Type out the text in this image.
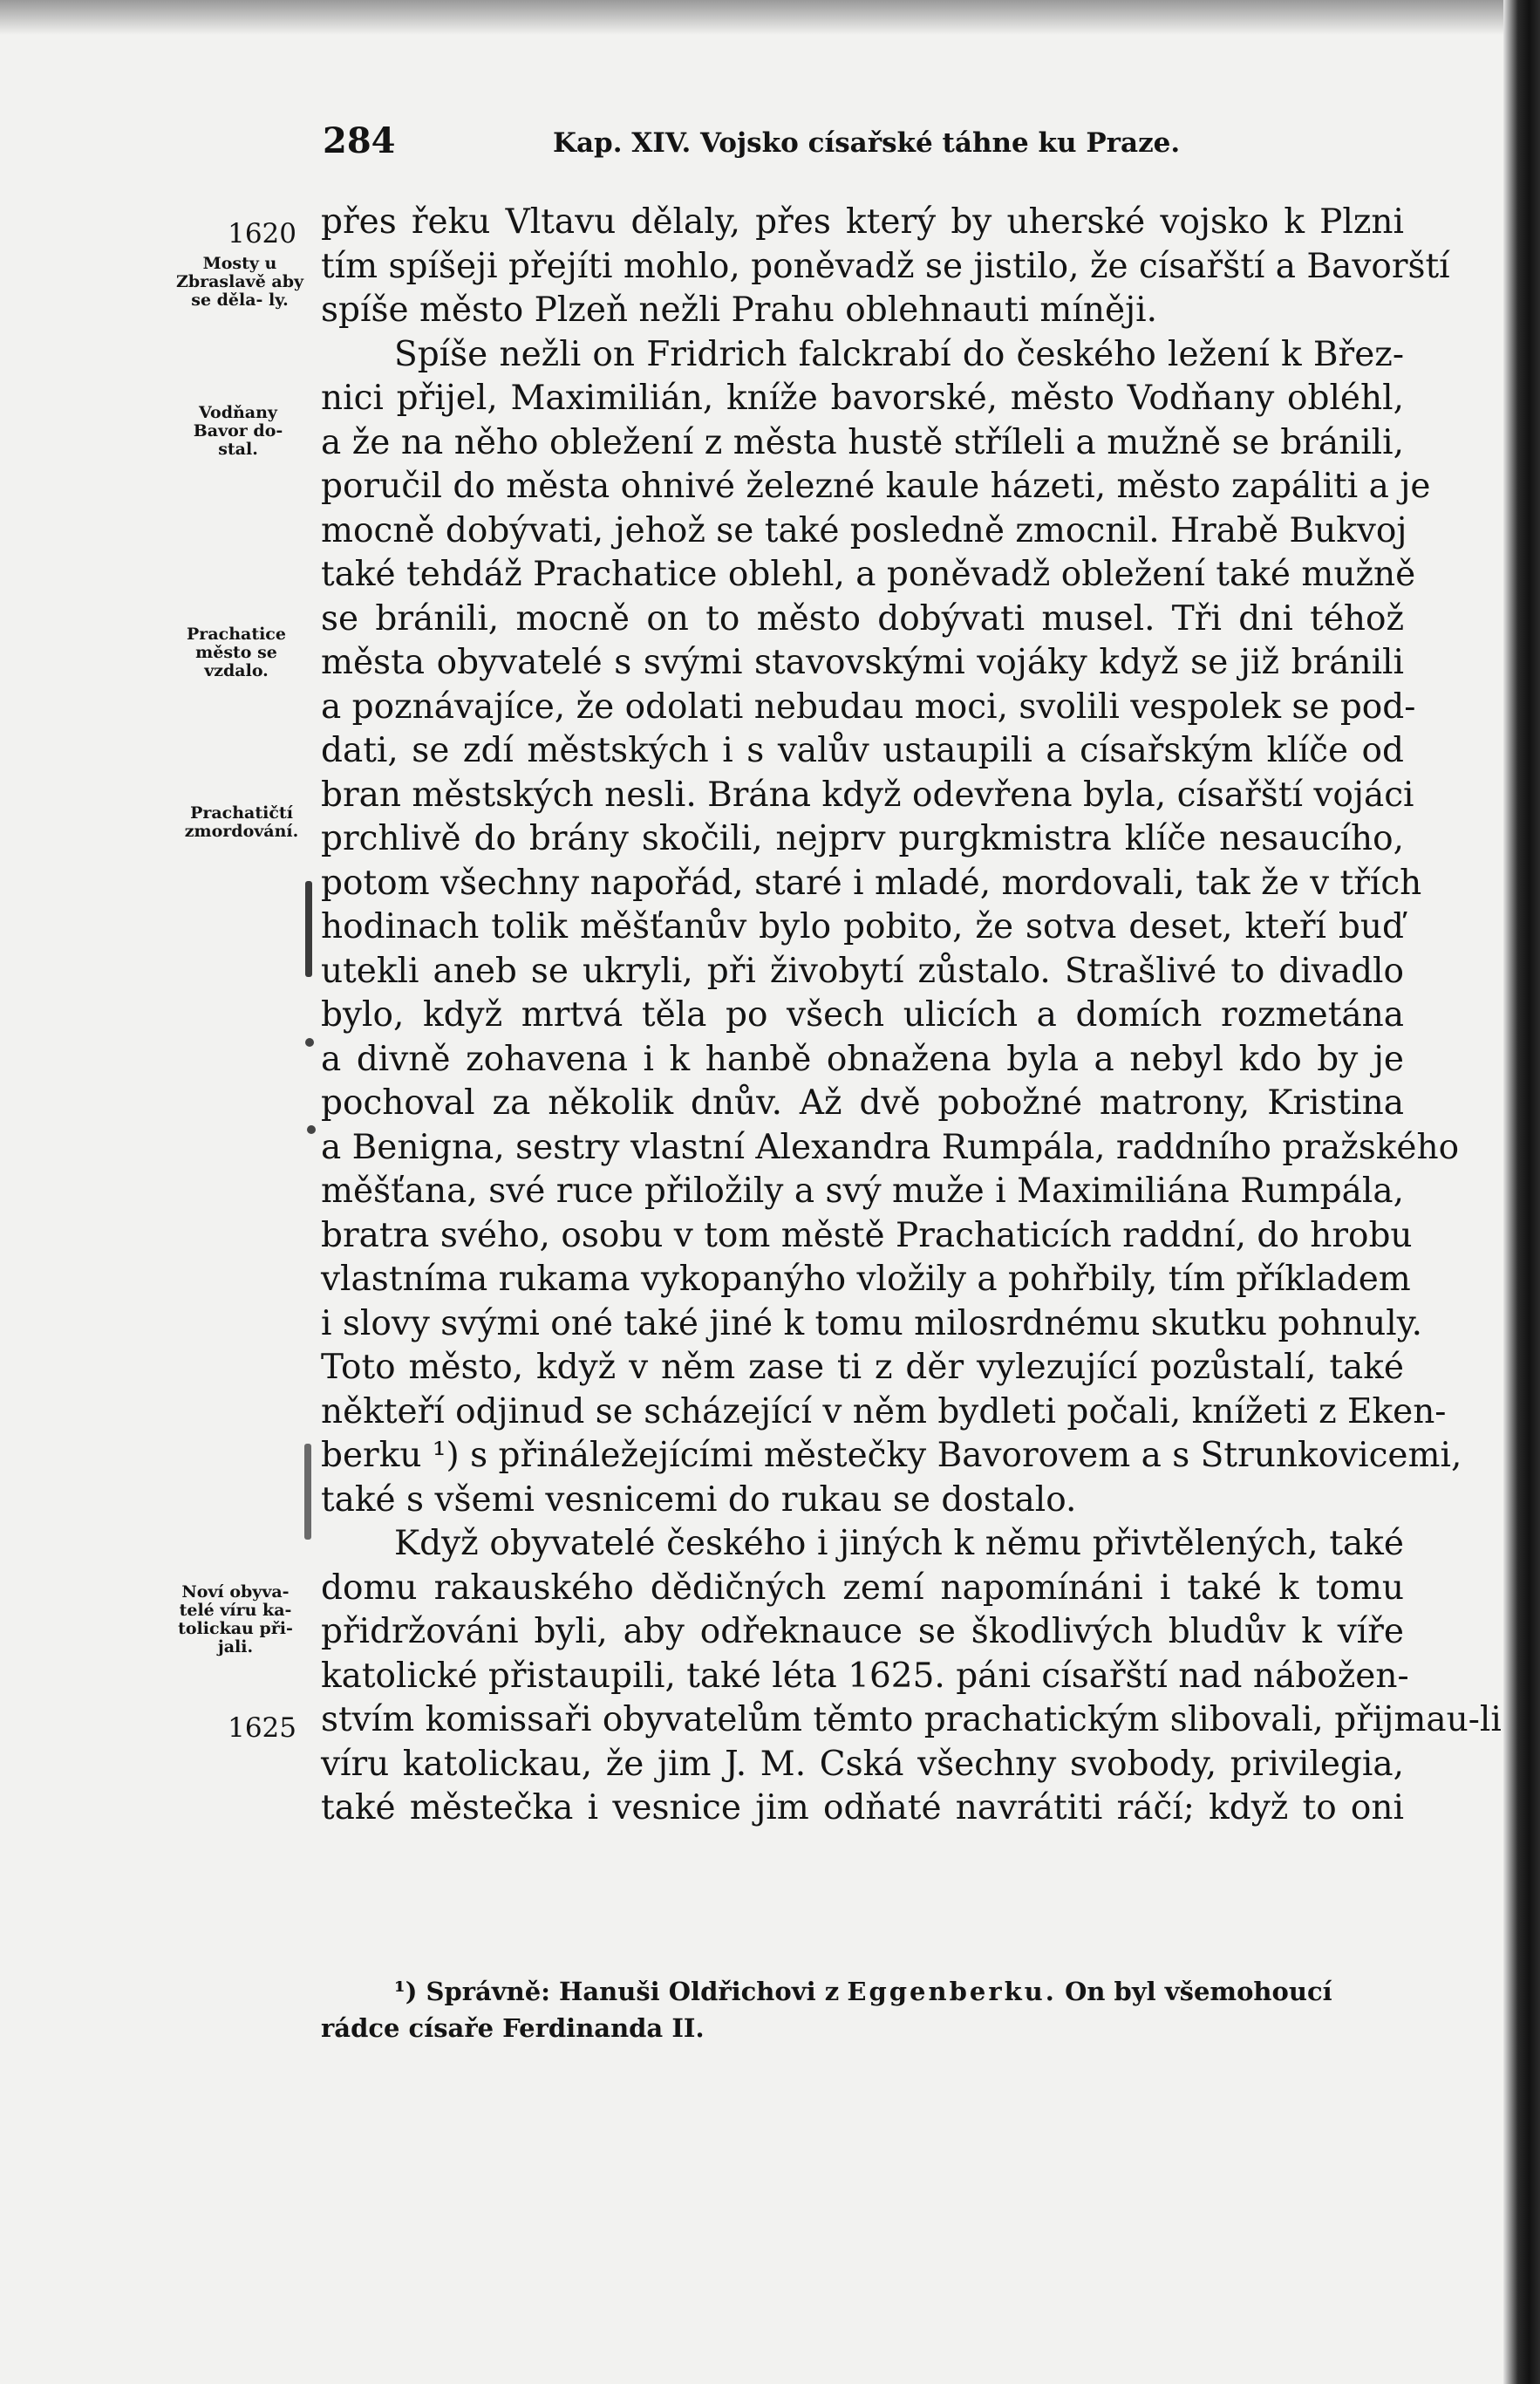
284	Kap. XIV. Vojsko císařské táhne ku Praze.
1620
Mosty u Zbraslavě aby se děla- ly.
Vodňany Bavor do- stal.
Prachatice město se vzdalo.
Prachatičtí zmordování.
Noví obyva- telé víru ka- tolickau při- jali.
1625
přes řeku Vltavu dělaly, přes který by uherské vojsko k Plzni
tím spíšeji přejíti mohlo, poněvadž se jistilo, že císařští a Bavorští
spíše město Plzeň nežli Prahu oblehnauti míněji.
Spíše nežli on Fridrich falckrabí do českého ležení k Břez-
nici přijel, Maximilián, kníže bavorské, město Vodňany obléhl,
a že na něho obležení z města hustě stříleli a mužně se bránili,
poručil do města ohnivé železné kaule házeti, město zapáliti a je
mocně dobývati, jehož se také posledně zmocnil. Hrabě Bukvoj
také tehdáž Prachatice oblehl, a poněvadž obležení také mužně
se bránili, mocně on to město dobývati musel. Tři dni téhož
města obyvatelé s svými stavovskými vojáky když se již bránili
a poznávajíce, že odolati nebudau moci, svolili vespolek se pod-
dati, se zdí městských i s valův ustaupili a císařským klíče od
bran městských nesli. Brána když odevřena byla, císařští vojáci
prchlivě do brány skočili, nejprv purgkmistra klíče nesaucího,
potom všechny napořád, staré i mladé, mordovali, tak že v třích
hodinach tolik měšťanův bylo pobito, že sotva deset, kteří buď
utekli aneb se ukryli, při živobytí zůstalo. Strašlivé to divadlo
bylo, když mrtvá těla po všech ulicích a domích rozmetána
a divně zohavena i k hanbě obnažena byla a nebyl kdo by je
pochoval za několik dnův. Až dvě pobožné matrony, Kristina
a Benigna, sestry vlastní Alexandra Rumpála, raddního pražského
měšťana, své ruce přiložily a svý muže i Maximiliána Rumpála,
bratra svého, osobu v tom městě Prachaticích raddní, do hrobu
vlastníma rukama vykopanýho vložily a pohřbily, tím příkladem
i slovy svými oné také jiné k tomu milosrdnému skutku pohnuly.
Toto město, když v něm zase ti z děr vylezující pozůstalí, také
někteří odjinud se scházející v něm bydleti počali, knížeti z Eken-
berku ¹) s přináležejícími městečky Bavorovem a s Strunkovicemi,
také s všemi vesnicemi do rukau se dostalo.
Když obyvatelé českého i jiných k němu přivtělených, také
domu rakauského dědičných zemí napomínáni i také k tomu
přidržováni byli, aby odřeknauce se škodlivých bludův k víře
katolické přistaupili, také léta 1625. páni císařští nad nábožen-
stvím komissaři obyvatelům těmto prachatickým slibovali, přijmau-li
víru katolickau, že jim J. M. Cská všechny svobody, privilegia,
také městečka i vesnice jim odňaté navrátiti ráčí; když to oni
¹) Správně: Hanuši Oldřichovi z Eggenberku. On byl všemohoucí
rádce císaře Ferdinanda II.
